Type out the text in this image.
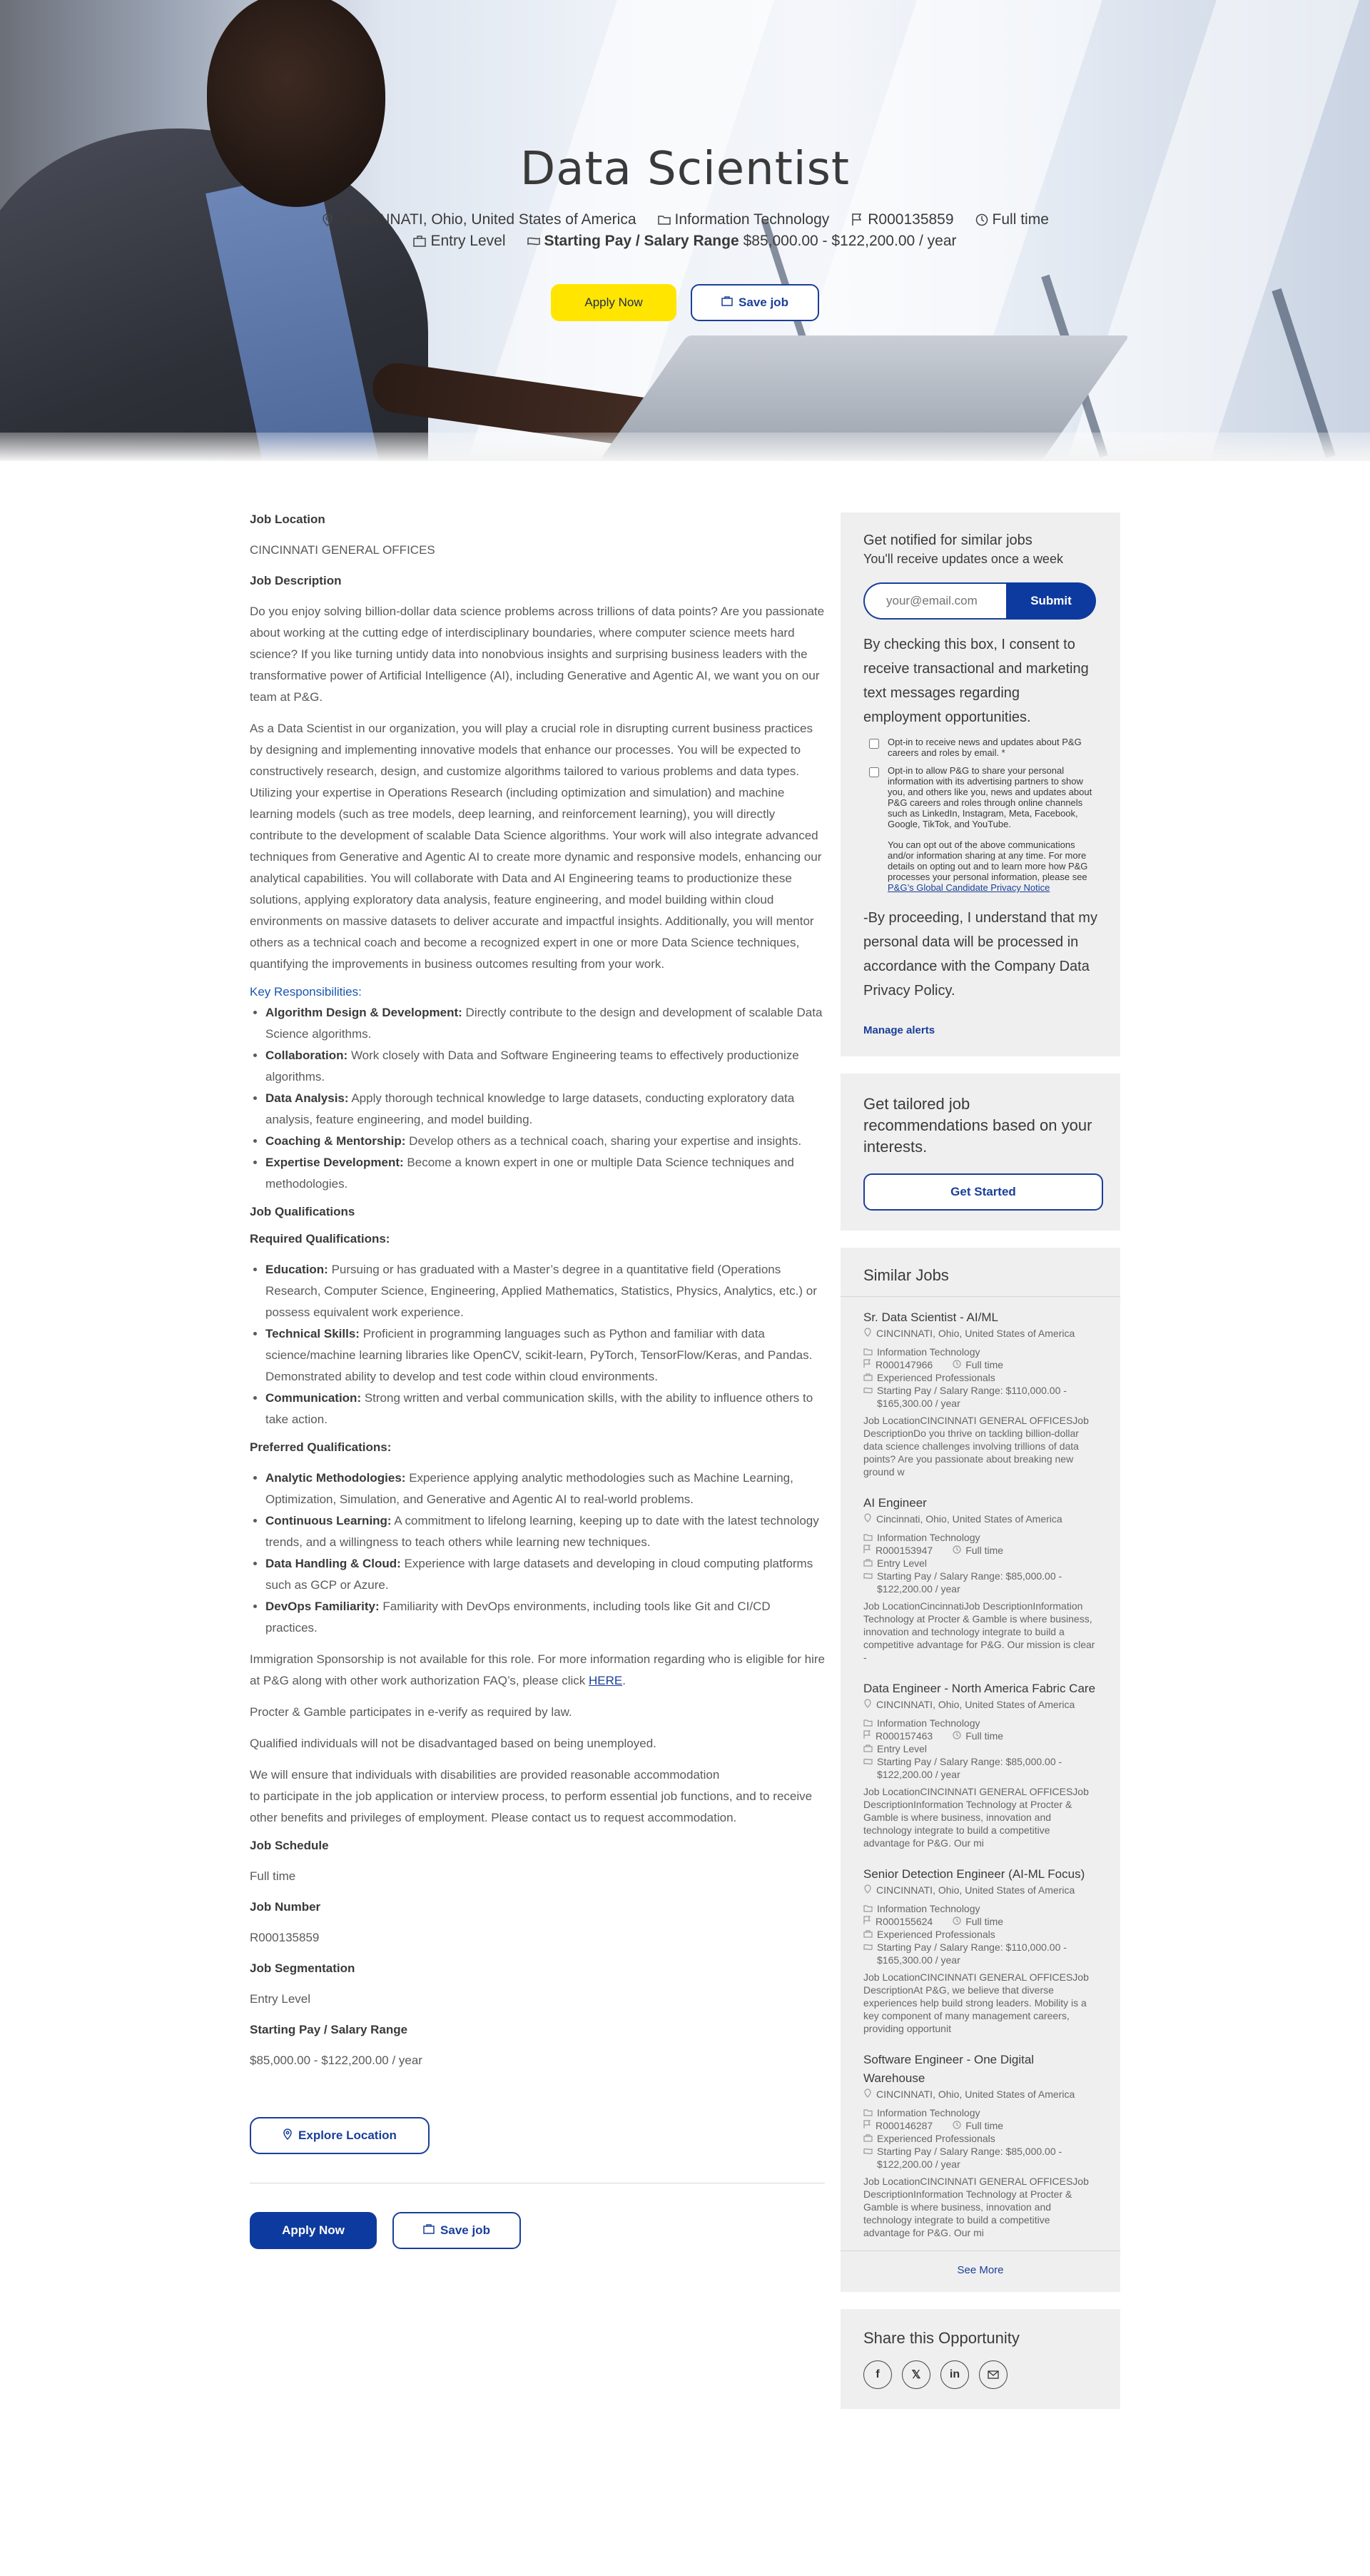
Data Scientist
CINCINNATI, Ohio, United States of America	Information Technology	R000135859	Full time
Entry Level	Starting Pay / Salary Range $85,000.00 - $122,200.00 / year
Apply Now	Save job
Job Location

CINCINNATI GENERAL OFFICES

Job Description

Do you enjoy solving billion-dollar data science problems across trillions of data points? Are you passionate about working at the cutting edge of interdisciplinary boundaries, where computer science meets hard science? If you like turning untidy data into nonobvious insights and surprising business leaders with the transformative power of Artificial Intelligence (AI), including Generative and Agentic AI, we want you on our team at P&G.

As a Data Scientist in our organization, you will play a crucial role in disrupting current business practices by designing and implementing innovative models that enhance our processes. You will be expected to constructively research, design, and customize algorithms tailored to various problems and data types. Utilizing your expertise in Operations Research (including optimization and simulation) and machine learning models (such as tree models, deep learning, and reinforcement learning), you will directly contribute to the development of scalable Data Science algorithms. Your work will also integrate advanced techniques from Generative and Agentic AI to create more dynamic and responsive models, enhancing our analytical capabilities. You will collaborate with Data and AI Engineering teams to productionize these solutions, applying exploratory data analysis, feature engineering, and model building within cloud environments on massive datasets to deliver accurate and impactful insights. Additionally, you will mentor others as a technical coach and become a recognized expert in one or more Data Science techniques, quantifying the improvements in business outcomes resulting from your work.

Key Responsibilities:
• Algorithm Design & Development: Directly contribute to the design and development of scalable Data Science algorithms.
• Collaboration: Work closely with Data and Software Engineering teams to effectively productionize algorithms.
• Data Analysis: Apply thorough technical knowledge to large datasets, conducting exploratory data analysis, feature engineering, and model building.
• Coaching & Mentorship: Develop others as a technical coach, sharing your expertise and insights.
• Expertise Development: Become a known expert in one or multiple Data Science techniques and methodologies.
Job Qualifications
Required Qualifications:
• Education: Pursuing or has graduated with a Master’s degree in a quantitative field (Operations Research, Computer Science, Engineering, Applied Mathematics, Statistics, Physics, Analytics, etc.) or possess equivalent work experience.
• Technical Skills: Proficient in programming languages such as Python and familiar with data science/machine learning libraries like OpenCV, scikit-learn, PyTorch, TensorFlow/Keras, and Pandas. Demonstrated ability to develop and test code within cloud environments.
• Communication: Strong written and verbal communication skills, with the ability to influence others to take action.
Preferred Qualifications:
• Analytic Methodologies: Experience applying analytic methodologies such as Machine Learning, Optimization, Simulation, and Generative and Agentic AI to real-world problems.
• Continuous Learning: A commitment to lifelong learning, keeping up to date with the latest technology trends, and a willingness to teach others while learning new techniques.
• Data Handling & Cloud: Experience with large datasets and developing in cloud computing platforms such as GCP or Azure.
• DevOps Familiarity: Familiarity with DevOps environments, including tools like Git and CI/CD practices.

Immigration Sponsorship is not available for this role. For more information regarding who is eligible for hire at P&G along with other work authorization FAQ’s, please click HERE.

Procter & Gamble participates in e-verify as required by law.

Qualified individuals will not be disadvantaged based on being unemployed.

We will ensure that individuals with disabilities are provided reasonable accommodation
to participate in the job application or interview process, to perform essential job functions, and to receive other benefits and privileges of employment. Please contact us to request accommodation.

Job Schedule

Full time

Job Number

R000135859

Job Segmentation

Entry Level

Starting Pay / Salary Range

$85,000.00 - $122,200.00 / year

Explore Location
Apply Now	Save job
Get notified for similar jobs
You'll receive updates once a week
your@email.com
Submit
By checking this box, I consent to receive transactional and marketing text messages regarding employment opportunities.
Opt-in to receive news and updates about P&G careers and roles by email. *
Opt-in to allow P&G to share your personal information with its advertising partners to show you, and others like you, news and updates about P&G careers and roles through online channels such as LinkedIn, Instagram, Meta, Facebook, Google, TikTok, and YouTube.
You can opt out of the above communications and/or information sharing at any time. For more details on opting out and to learn more how P&G processes your personal information, please see P&G’s Global Candidate Privacy Notice
-By proceeding, I understand that my personal data will be processed in accordance with the Company Data Privacy Policy.
Manage alerts
Get tailored job recommendations based on your interests.
Get Started
Similar Jobs
Sr. Data Scientist - AI/ML
CINCINNATI, Ohio, United States of America
Information Technology
R000147966	Full time
Experienced Professionals
Starting Pay / Salary Range: $110,000.00 - $165,300.00 / year
Job LocationCINCINNATI GENERAL OFFICESJob DescriptionDo you thrive on tackling billion-dollar data science challenges involving trillions of data points? Are you passionate about breaking new ground w
AI Engineer
Cincinnati, Ohio, United States of America
Information Technology
R000153947	Full time
Entry Level
Starting Pay / Salary Range: $85,000.00 - $122,200.00 / year
Job LocationCincinnatiJob DescriptionInformation Technology at Procter & Gamble is where business, innovation and technology integrate to build a competitive advantage for P&G. Our mission is clear -
Data Engineer - North America Fabric Care
CINCINNATI, Ohio, United States of America
Information Technology
R000157463	Full time
Entry Level
Starting Pay / Salary Range: $85,000.00 - $122,200.00 / year
Job LocationCINCINNATI GENERAL OFFICESJob DescriptionInformation Technology at Procter & Gamble is where business, innovation and technology integrate to build a competitive advantage for P&G. Our mi
Senior Detection Engineer (AI-ML Focus)
CINCINNATI, Ohio, United States of America
Information Technology
R000155624	Full time
Experienced Professionals
Starting Pay / Salary Range: $110,000.00 - $165,300.00 / year
Job LocationCINCINNATI GENERAL OFFICESJob DescriptionAt P&G, we believe that diverse experiences help build strong leaders. Mobility is a key component of many management careers, providing opportunit
Software Engineer - One Digital Warehouse
CINCINNATI, Ohio, United States of America
Information Technology
R000146287	Full time
Experienced Professionals
Starting Pay / Salary Range: $85,000.00 - $122,200.00 / year
Job LocationCINCINNATI GENERAL OFFICESJob DescriptionInformation Technology at Procter & Gamble is where business, innovation and technology integrate to build a competitive advantage for P&G. Our mi
See More
Share this Opportunity
f	𝕏	in
